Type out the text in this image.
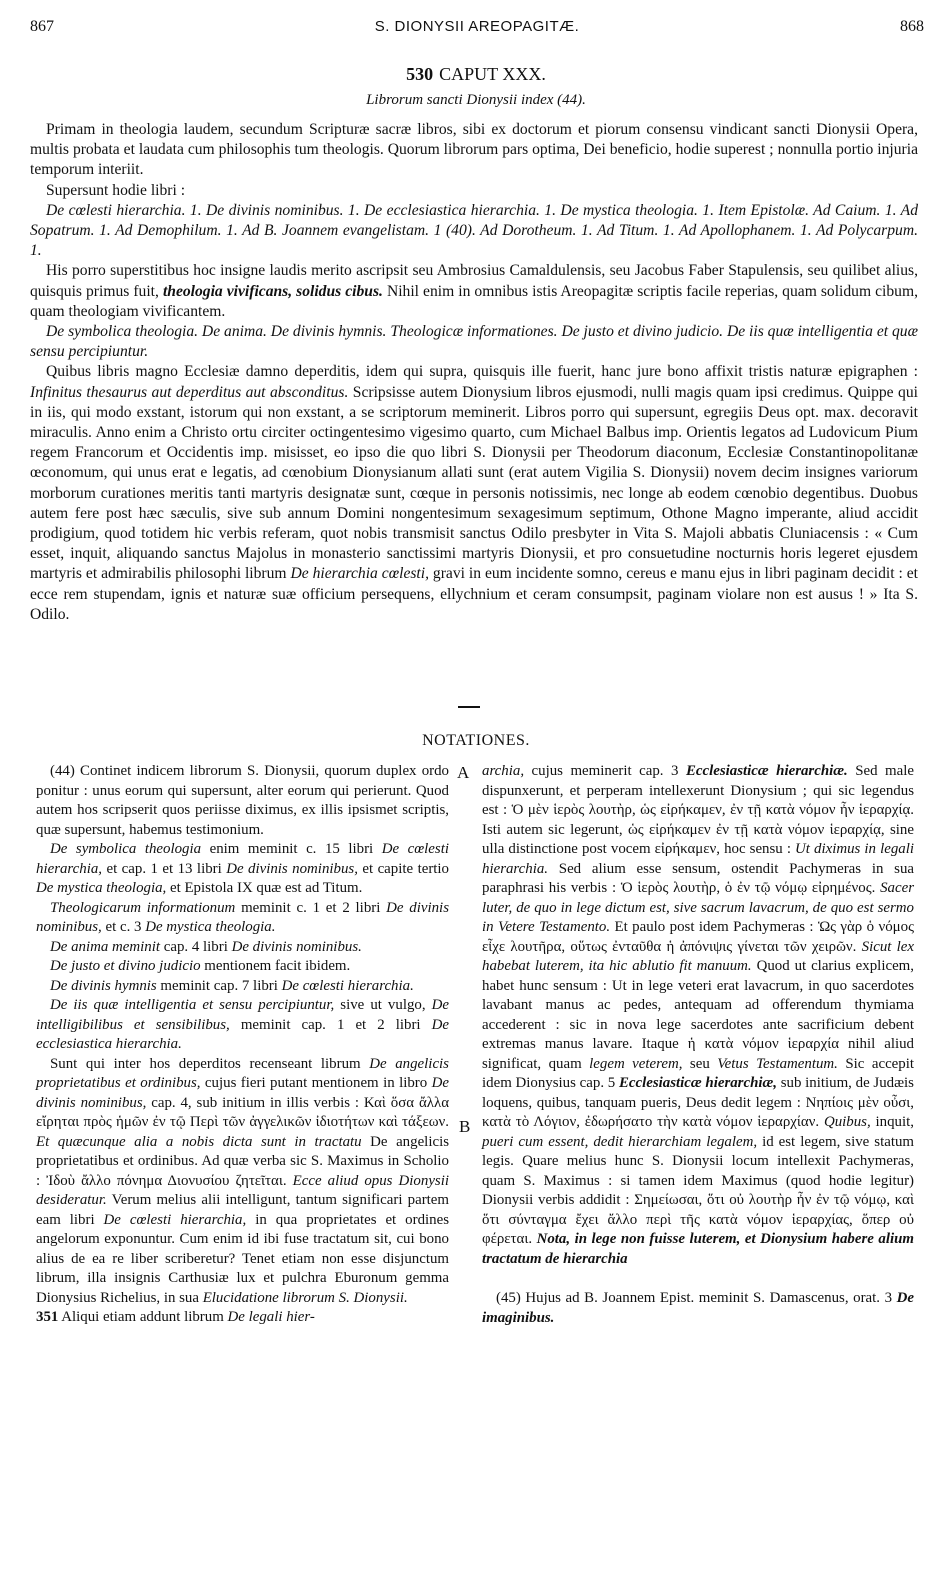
867	S. DIONYSII AREOPAGITÆ.	868
530 CAPUT XXX.
Librorum sancti Dionysii index (44).

Primam in theologia laudem, secundum Scripturæ sacræ libros, sibi ex doctorum et piorum consensu vindicant sancti Dionysii Opera, multis probata et laudata cum philosophis tum theologis. Quorum librorum pars optima, Dei beneficio, hodie superest ; nonnulla portio injuria temporum interiit.

Supersunt hodie libri :

De cœlesti hierarchia. 1. De divinis nominibus. 1. De ecclesiastica hierarchia. 1. De mystica theologia. 1. Item Epistolæ. Ad Caium. 1. Ad Sopatrum. 1. Ad Demophilum. 1. Ad B. Joannem evangelistam. 1 (40). Ad Dorotheum. 1. Ad Titum. 1. Ad Apollophanem. 1. Ad Polycarpum. 1.

His porro superstitibus hoc insigne laudis merito ascripsit seu Ambrosius Camaldulensis, seu Jacobus Faber Stapulensis, seu quilibet alius, quisquis primus fuit, theologia vivificans, solidus cibus. Nihil enim in omnibus istis Areopagitæ scriptis facile reperias, quam solidum cibum, quam theologiam vivificantem.

De symbolica theologia. De anima. De divinis hymnis. Theologicæ informationes. De justo et divino judicio. De iis quæ intelligentia et quæ sensu percipiuntur.

Quibus libris magno Ecclesiæ damno deperditis, idem qui supra, quisquis ille fuerit, hanc jure bono affixit tristis naturæ epigraphen : Infinitus thesaurus aut deperditus aut absconditus. Scripsisse autem Dionysium libros ejusmodi, nulli magis quam ipsi credimus. Quippe qui in iis, qui modo exstant, istorum qui non exstant, a se scriptorum meminerit. Libros porro qui supersunt, egregiis Deus opt. max. decoravit miraculis. Anno enim a Christo ortu circiter octingentesimo vigesimo quarto, cum Michael Balbus imp. Orientis legatos ad Ludovicum Pium regem Francorum et Occidentis imp. misisset, eo ipso die quo libri S. Dionysii per Theodorum diaconum, Ecclesiæ Constantinopolitanæ œconomum, qui unus erat e legatis, ad cœnobium Dionysianum allati sunt (erat autem Vigilia S. Dionysii) novem decim insignes variorum morborum curationes meritis tanti martyris designatæ sunt, cœque in personis notissimis, nec longe ab eodem cœnobio degentibus. Duobus autem fere post hæc sæculis, sive sub annum Domini nongentesimum sexagesimum septimum, Othone Magno imperante, aliud accidit prodigium, quod totidem hic verbis referam, quot nobis transmisit sanctus Odilo presbyter in Vita S. Majoli abbatis Cluniacensis : « Cum esset, inquit, aliquando sanctus Majolus in monasterio sanctissimi martyris Dionysii, et pro consuetudine nocturnis horis legeret ejusdem martyris et admirabilis philosophi librum De hierarchia cœlesti, gravi in eum incidente somno, cereus e manu ejus in libri paginam decidit : et ecce rem stupendam, ignis et naturæ suæ officium persequens, ellychnium et ceram consumpsit, paginam violare non est ausus ! » Ita S. Odilo.

NOTATIONES.
A
B

(44) Continet indicem librorum S. Dionysii, quorum duplex ordo ponitur : unus eorum qui supersunt, alter eorum qui perierunt. Quod autem hos scripserit quos periisse diximus, ex illis ipsismet scriptis, quæ supersunt, habemus testimonium.

De symbolica theologia enim meminit c. 15 libri De cœlesti hierarchia, et cap. 1 et 13 libri De divinis nominibus, et capite tertio De mystica theologia, et Epistola IX quæ est ad Titum.

Theologicarum informationum meminit c. 1 et 2 libri De divinis nominibus, et c. 3 De mystica theologia.

De anima meminit cap. 4 libri De divinis nominibus.

De justo et divino judicio mentionem facit ibidem.

De divinis hymnis meminit cap. 7 libri De cœlesti hierarchia.

De iis quæ intelligentia et sensu percipiuntur, sive ut vulgo, De intelligibilibus et sensibilibus, meminit cap. 1 et 2 libri De ecclesiastica hierarchia.

Sunt qui inter hos deperditos recenseant librum De angelicis proprietatibus et ordinibus, cujus fieri putant mentionem in libro De divinis nominibus, cap. 4, sub initium in illis verbis : Καὶ ὅσα ἄλλα εἴρηται πρὸς ἡμῶν ἐν τῷ Περὶ τῶν ἀγγελικῶν ἰδιοτήτων καὶ τάξεων. Et quæcunque alia a nobis dicta sunt in tractatu De angelicis proprietatibus et ordinibus. Ad quæ verba sic S. Maximus in Scholio : Ἰδοὺ ἄλλο πόνημα Διονυσίου ζητεῖται. Ecce aliud opus Dionysii desideratur. Verum melius alii intelligunt, tantum significari partem eam libri De cœlesti hierarchia, in qua proprietates et ordines angelorum exponuntur. Cum enim id ibi fuse tractatum sit, cui bono alius de ea re liber scriberetur? Tenet etiam non esse disjunctum librum, illa insignis Carthusiæ lux et pulchra Eburonum gemma Dionysius Richelius, in sua Elucidatione librorum S. Dionysii.

351 Aliqui etiam addunt librum De legali hier-

archia, cujus meminerit cap. 3 Ecclesiasticæ hierarchiæ. Sed male dispunxerunt, et perperam intellexerunt Dionysium ; qui sic legendus est : Ὁ μὲν ἱερὸς λουτὴρ, ὡς εἰρήκαμεν, ἐν τῇ κατὰ νόμον ἦν ἱεραρχίᾳ. Isti autem sic legerunt, ὡς εἰρήκαμεν ἐν τῇ κατὰ νόμον ἱεραρχίᾳ, sine ulla distinctione post vocem εἰρήκαμεν, hoc sensu : Ut diximus in legali hierarchia. Sed alium esse sensum, ostendit Pachymeras in sua paraphrasi his verbis : Ὁ ἱερὸς λουτὴρ, ὁ ἐν τῷ νόμῳ εἰρημένος. Sacer luter, de quo in lege dictum est, sive sacrum lavacrum, de quo est sermo in Vetere Testamento. Et paulo post idem Pachymeras : Ὡς γὰρ ὁ νόμος εἶχε λουτῆρα, οὕτως ἐνταῦθα ἡ ἀπόνιψις γίνεται τῶν χειρῶν. Sicut lex habebat luterem, ita hic ablutio fit manuum. Quod ut clarius explicem, habet hunc sensum : Ut in lege veteri erat lavacrum, in quo sacerdotes lavabant manus ac pedes, antequam ad offerendum thymiama accederent : sic in nova lege sacerdotes ante sacrificium debent extremas manus lavare. Itaque ἡ κατὰ νόμον ἱεραρχία nihil aliud significat, quam legem veterem, seu Vetus Testamentum. Sic accepit idem Dionysius cap. 5 Ecclesiasticæ hierarchiæ, sub initium, de Judæis loquens, quibus, tanquam pueris, Deus dedit legem : Νηπίοις μὲν οὖσι, κατὰ τὸ Λόγιον, ἐδωρήσατο τὴν κατὰ νόμον ἱεραρχίαν. Quibus, inquit, pueri cum essent, dedit hierarchiam legalem, id est legem, sive statum legis. Quare melius hunc S. Dionysii locum intellexit Pachymeras, quam S. Maximus : si tamen idem Maximus (quod hodie legitur) Dionysii verbis addidit : Σημείωσαι, ὅτι οὐ λουτὴρ ἦν ἐν τῷ νόμῳ, καὶ ὅτι σύνταγμα ἔχει ἄλλο περὶ τῆς κατὰ νόμον ἱεραρχίας, ὅπερ οὐ φέρεται. Nota, in lege non fuisse luterem, et Dionysium habere alium tractatum de hierarchia

(45) Hujus ad B. Joannem Epist. meminit S. Damascenus, orat. 3 De imaginibus.
